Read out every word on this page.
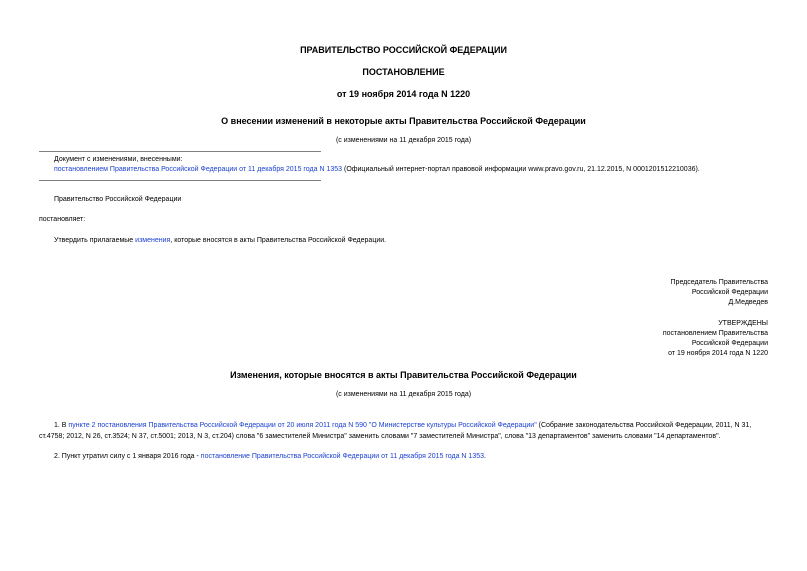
ПРАВИТЕЛЬСТВО РОССИЙСКОЙ ФЕДЕРАЦИИ
ПОСТАНОВЛЕНИЕ
от 19 ноября 2014 года N 1220
О внесении изменений в некоторые акты Правительства Российской Федерации
(с изменениями на 11 декабря 2015 года)
Документ с изменениями, внесенными:
постановлением Правительства Российской Федерации от 11 декабря 2015 года N 1353 (Официальный интернет-портал правовой информации www.pravo.gov.ru, 21.12.2015, N 0001201512210036).
Правительство Российской Федерации
постановляет:
Утвердить прилагаемые изменения, которые вносятся в акты Правительства Российской Федерации.
Председатель Правительства
Российской Федерации
Д.Медведев
УТВЕРЖДЕНЫ
постановлением Правительства
Российской Федерации
от 19 ноября 2014 года N 1220
Изменения, которые вносятся в акты Правительства Российской Федерации
(с изменениями на 11 декабря 2015 года)
1. В пункте 2 постановления Правительства Российской Федерации от 20 июля 2011 года N 590 "О Министерстве культуры Российской Федерации" (Собрание законодательства Российской Федерации, 2011, N 31, ст.4758; 2012, N 26, ст.3524; N 37, ст.5001; 2013, N 3, ст.204) слова "6 заместителей Министра" заменить словами "7 заместителей Министра", слова "13 департаментов" заменить словами "14 департаментов".
2. Пункт утратил силу с 1 января 2016 года - постановление Правительства Российской Федерации от 11 декабря 2015 года N 1353.
